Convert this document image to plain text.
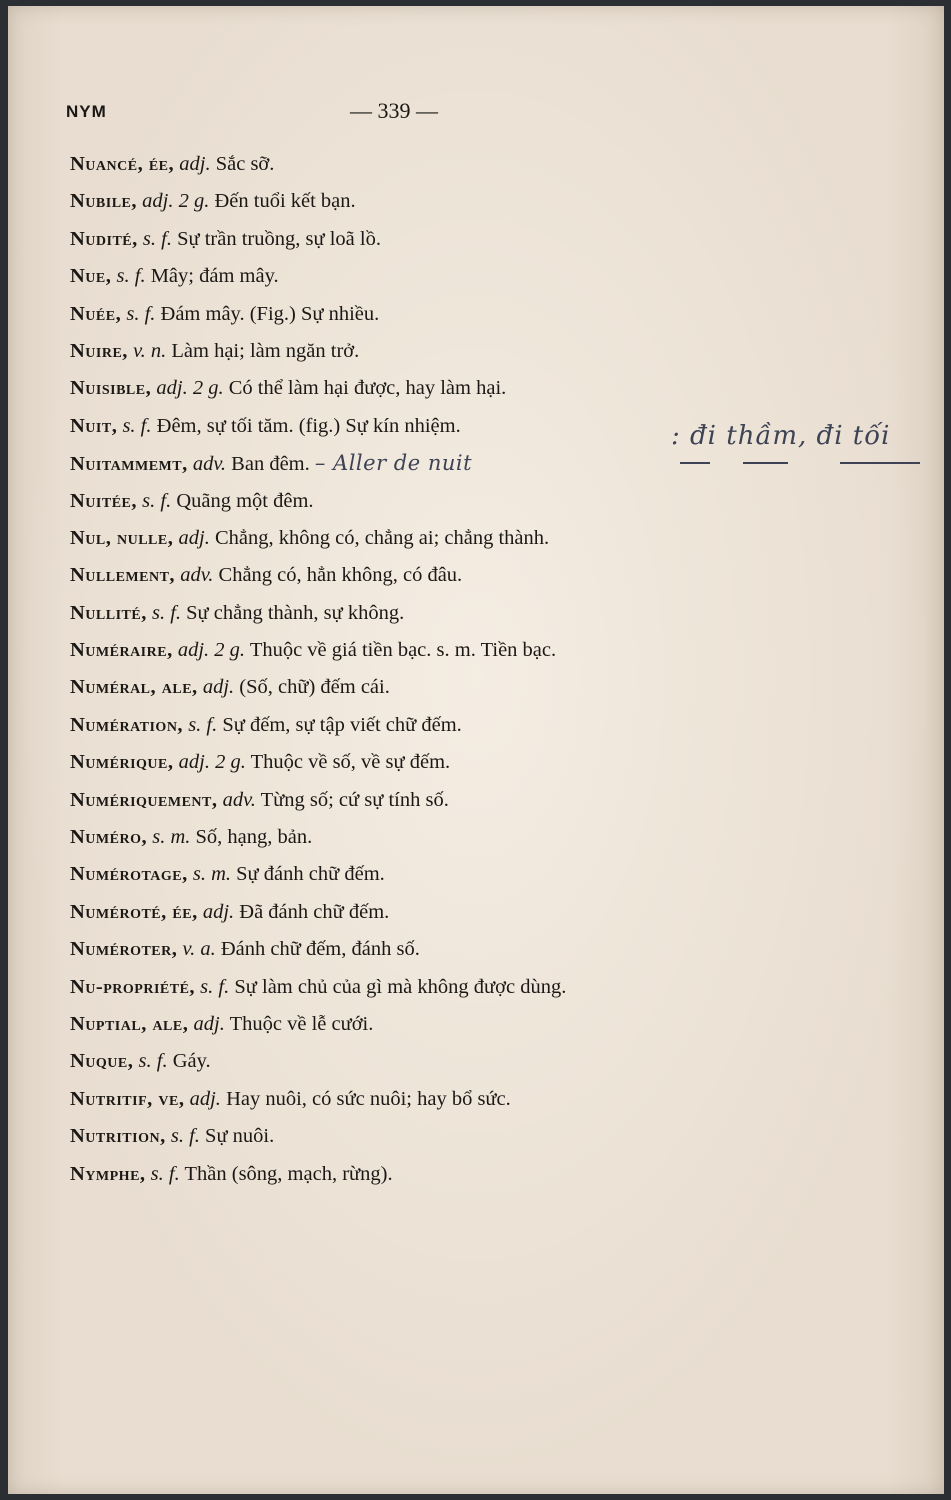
NYM	— 339 —
Nuancé, ée, adj. Sắc sỡ.
Nubile, adj. 2 g. Đến tuổi kết bạn.
Nudité, s. f. Sự trần truồng, sự loã lồ.
Nue, s. f. Mây; đám mây.
Nuée, s. f. Đám mây. (Fig.) Sự nhiều.
Nuire, v. n. Làm hại; làm ngăn trở.
Nuisible, adj. 2 g. Có thể làm hại được, hay làm hại.
Nuit, s. f. Đêm, sự tối tăm. (fig.) Sự kín nhiệm.
Nuitammemt, adv. Ban đêm. – Aller de nuit
Nuitée, s. f. Quãng một đêm.
Nul, nulle, adj. Chẳng, không có, chẳng ai; chẳng thành.
Nullement, adv. Chẳng có, hẳn không, có đâu.
Nullité, s. f. Sự chẳng thành, sự không.
Numéraire, adj. 2 g. Thuộc về giá tiền bạc. s. m. Tiền bạc.
Numéral, ale, adj. (Số, chữ) đếm cái.
Numération, s. f. Sự đếm, sự tập viết chữ đếm.
Numérique, adj. 2 g. Thuộc về số, về sự đếm.
Numériquement, adv. Từng số; cứ sự tính số.
Numéro, s. m. Số, hạng, bản.
Numérotage, s. m. Sự đánh chữ đếm.
Numéroté, ée, adj. Đã đánh chữ đếm.
Numéroter, v. a. Đánh chữ đếm, đánh số.
Nu-propriété, s. f. Sự làm chủ của gì mà không được dùng.
Nuptial, ale, adj. Thuộc về lễ cưới.
Nuque, s. f. Gáy.
Nutritif, ve, adj. Hay nuôi, có sức nuôi; hay bổ sức.
Nutrition, s. f. Sự nuôi.
Nymphe, s. f. Thần (sông, mạch, rừng).
: đi thầm, đi tối
